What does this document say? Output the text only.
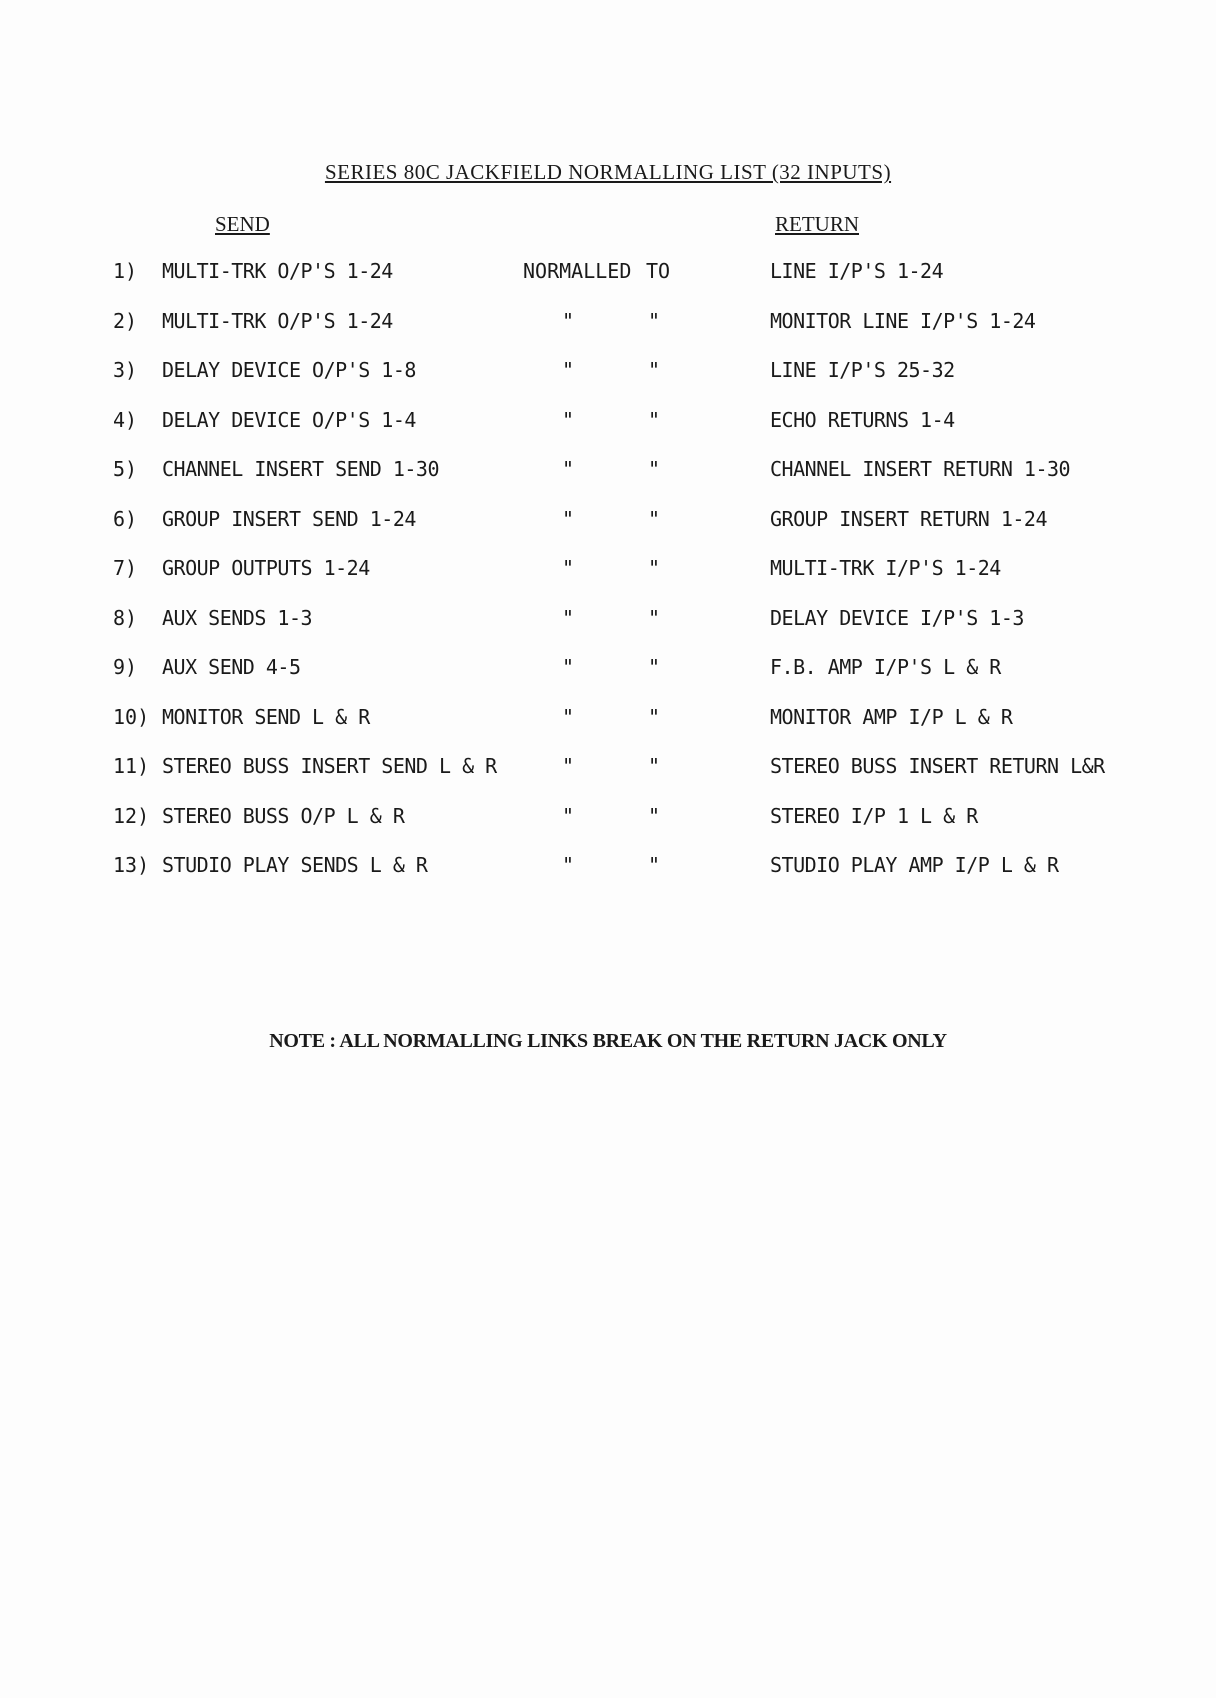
SERIES 80C JACKFIELD NORMALLING LIST (32 INPUTS)
SEND	RETURN
1) MULTI-TRK O/P'S 1-24	NORMALLED TO	LINE I/P'S 1-24
2) MULTI-TRK O/P'S 1-24	"	"	MONITOR LINE I/P'S 1-24
3) DELAY DEVICE O/P'S 1-8	"	"	LINE I/P'S 25-32
4) DELAY DEVICE O/P'S 1-4	"	"	ECHO RETURNS 1-4
5) CHANNEL INSERT SEND 1-30	"	"	CHANNEL INSERT RETURN 1-30
6) GROUP INSERT SEND 1-24	"	"	GROUP INSERT RETURN 1-24
7) GROUP OUTPUTS 1-24	"	"	MULTI-TRK I/P'S 1-24
8) AUX SENDS 1-3	"	"	DELAY DEVICE I/P'S 1-3
9) AUX SEND 4-5	"	"	F.B. AMP I/P'S L & R
10) MONITOR SEND L & R	"	"	MONITOR AMP I/P L & R
11) STEREO BUSS INSERT SEND L & R	"	"	STEREO BUSS INSERT RETURN L&R
12) STEREO BUSS O/P L & R	"	"	STEREO I/P 1 L & R
13) STUDIO PLAY SENDS L & R	"	"	STUDIO PLAY AMP I/P L & R
NOTE : ALL NORMALLING LINKS BREAK ON THE RETURN JACK ONLY
